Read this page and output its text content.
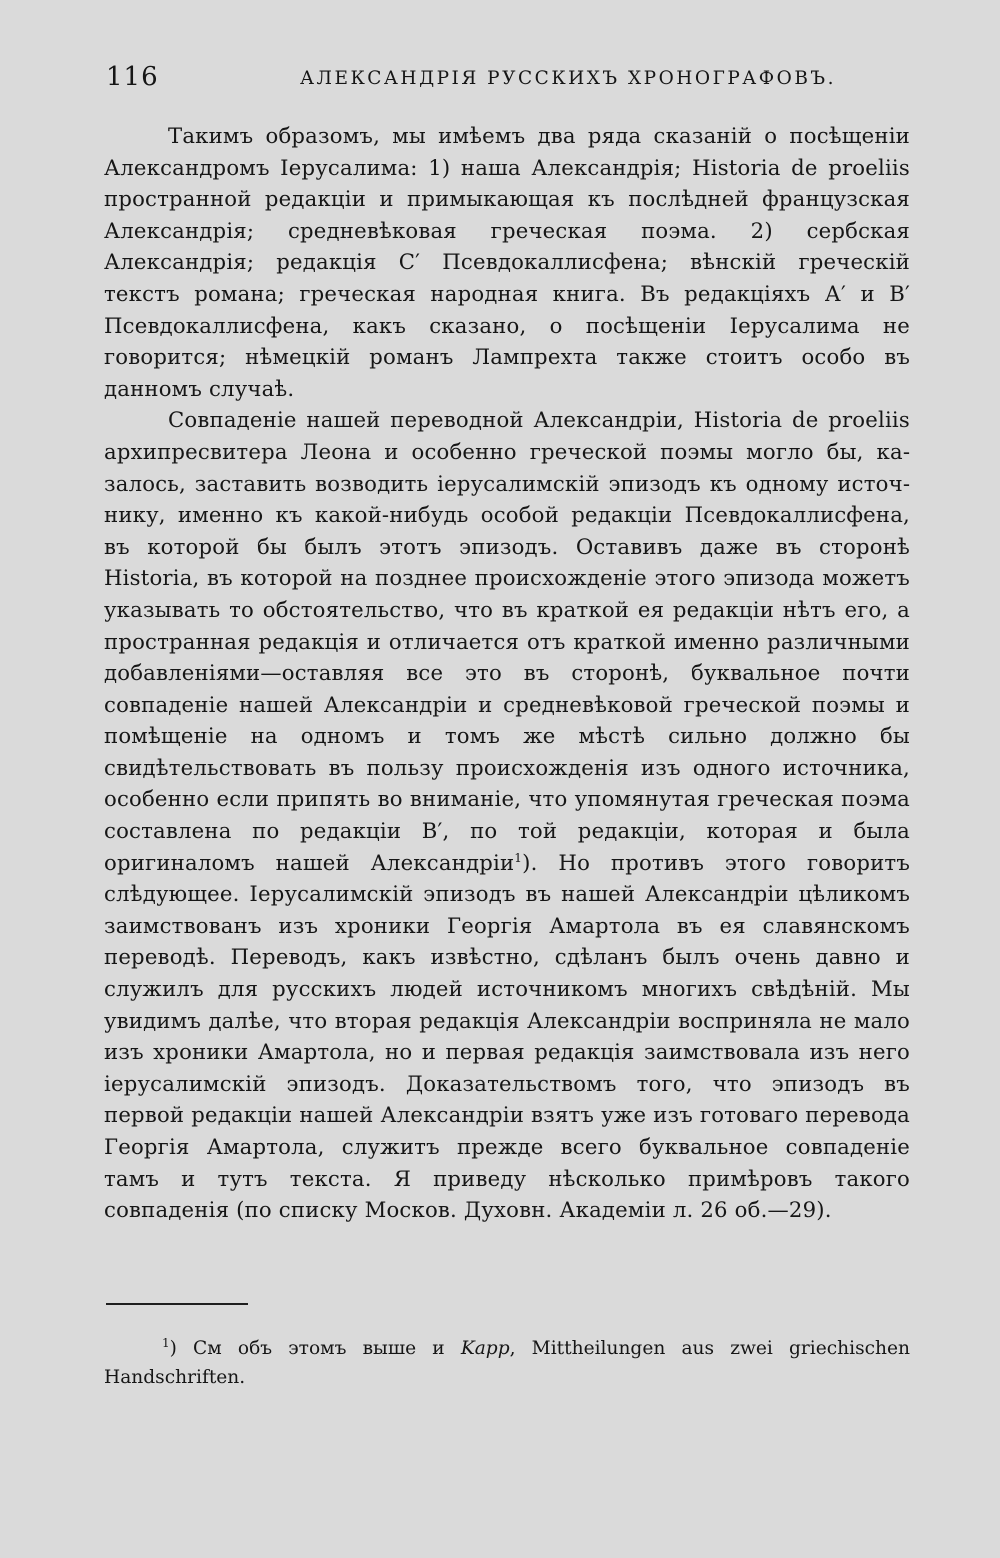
116	АЛЕКСАНДРІЯ РУССКИХЪ ХРОНОГРАФОВЪ.

Такимъ образомъ, мы имѣемъ два ряда сказаній о посѣщеніи Александромъ Іерусалима: 1) наша Александрія; Historia de proeliis пространной редакціи и примыкающая къ послѣдней французская Александрія; средневѣковая греческая поэма. 2) сербская Александрія; редакція С′ Псевдокаллисфена; вѣнскій греческій текстъ романа; греческая народная книга. Въ редакціяхъ А′ и В′ Псевдокаллисфена, какъ сказано, о посѣщеніи Іерусалима не говорится; нѣмецкій романъ Лампрехта также стоитъ особо въ данномъ случаѣ.

Совпаденіе нашей переводной Александріи, Historia de proeliis архипресвитера Леона и особенно греческой поэмы могло бы, казалось, заставить возводить іерусалимскій эпизодъ къ одному источнику, именно къ какой-нибудь особой редакціи Псевдокаллисфена, въ которой бы былъ этотъ эпизодъ. Оставивъ даже въ сторонѣ Historia, въ которой на позднее происхожденіе этого эпизода можетъ указывать то обстоятельство, что въ краткой ея редакціи нѣтъ его, а пространная редакція и отличается отъ краткой именно различными добавленіями—оставляя все это въ сторонѣ, буквальное почти совпаденіе нашей Александріи и средневѣковой греческой поэмы и помѣщеніе на одномъ и томъ же мѣстѣ сильно должно бы свидѣтельствовать въ пользу происхожденія изъ одного источника, особенно если припять во вниманіе, что упомянутая греческая поэма составлена по редакціи В′, по той редакціи, которая и была оригиналомъ нашей Александріи$^1$). Но противъ этого говоритъ слѣдующее. Іерусалимскій эпизодъ въ нашей Александріи цѣликомъ заимствованъ изъ хроники Георгія Амартола въ ея славянскомъ переводѣ. Переводъ, какъ извѣстно, сдѣланъ былъ очень давно и служилъ для русскихъ людей источникомъ многихъ свѣдѣній. Мы увидимъ далѣе, что вторая редакція Александріи восприняла не мало изъ хроники Амартола, но и первая редакція заимствовала изъ него іерусалимскій эпизодъ. Доказательствомъ того, что эпизодъ въ первой редакціи нашей Александріи взятъ уже изъ готоваго перевода Георгія Амартола, служитъ прежде всего буквальное совпаденіе тамъ и тутъ текста. Я приведу нѣсколько примѣровъ такого совпаденія (по списку Москов. Духовн. Академіи л. 26 об.—29).

$^1$) См объ этомъ выше и Kapp, Mittheilungen aus zwei griechischen Handschriften.
